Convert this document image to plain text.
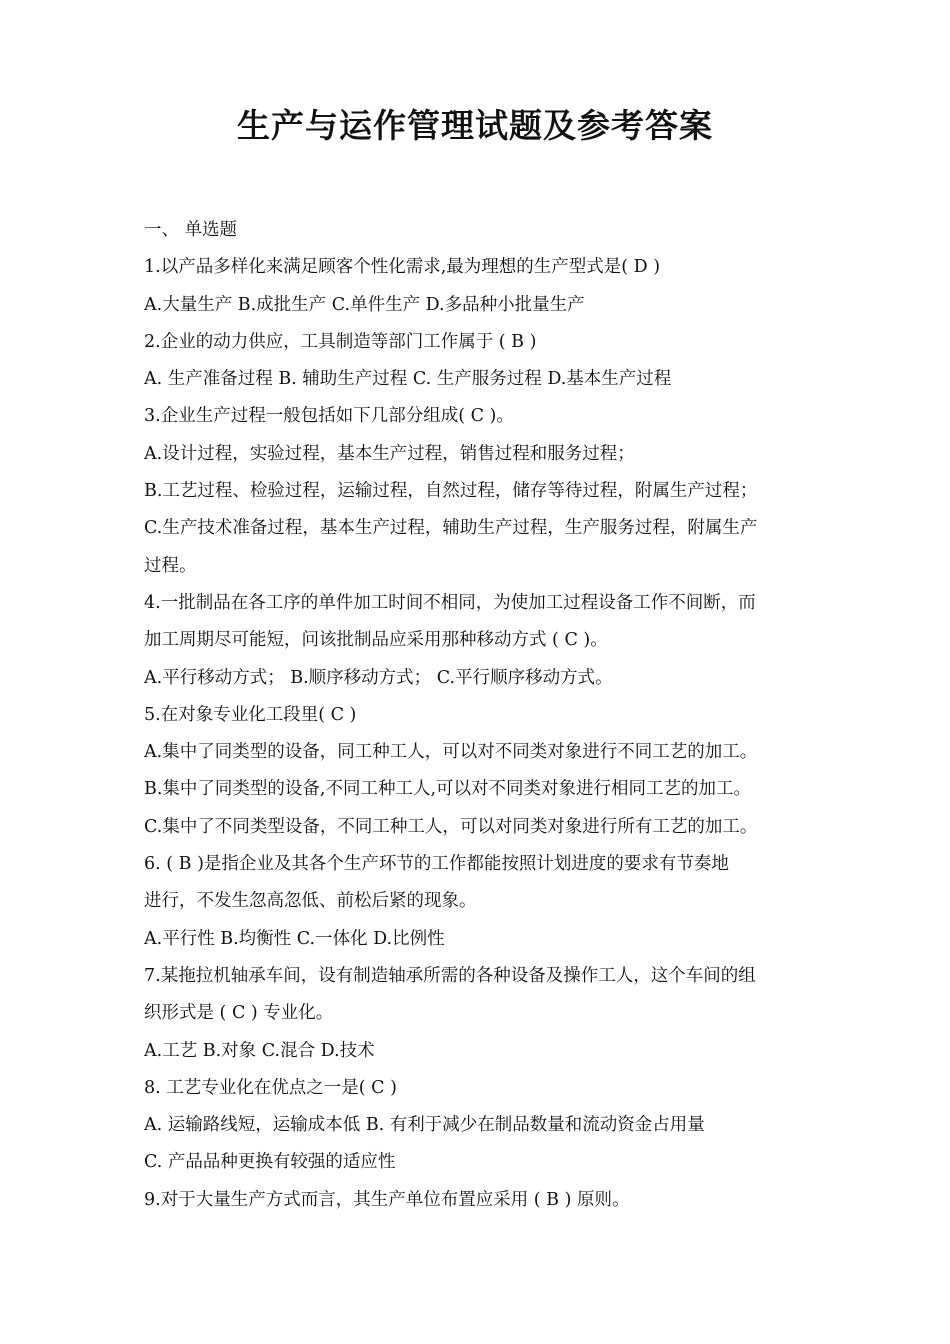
生产与运作管理试题及参考答案
一、 单选题
1.以产品多样化来满足顾客个性化需求,最为理想的生产型式是( D )
A.大量生产 B.成批生产 C.单件生产 D.多品种小批量生产
2.企业的动力供应，工具制造等部门工作属于 ( B )
A. 生产准备过程 B. 辅助生产过程 C. 生产服务过程 D.基本生产过程
3.企业生产过程一般包括如下几部分组成( C )。
A.设计过程，实验过程，基本生产过程，销售过程和服务过程；
B.工艺过程、检验过程，运输过程，自然过程，储存等待过程，附属生产过程；
C.生产技术准备过程，基本生产过程，辅助生产过程，生产服务过程，附属生产
过程。
4.一批制品在各工序的单件加工时间不相同，为使加工过程设备工作不间断，而
加工周期尽可能短，问该批制品应采用那种移动方式 ( C )。
A.平行移动方式； B.顺序移动方式； C.平行顺序移动方式。
5.在对象专业化工段里( C )
A.集中了同类型的设备，同工种工人，可以对不同类对象进行不同工艺的加工。
B.集中了同类型的设备,不同工种工人,可以对不同类对象进行相同工艺的加工。
C.集中了不同类型设备，不同工种工人，可以对同类对象进行所有工艺的加工。
6. ( B )是指企业及其各个生产环节的工作都能按照计划进度的要求有节奏地
进行，不发生忽高忽低、前松后紧的现象。
A.平行性 B.均衡性 C.一体化 D.比例性
7.某拖拉机轴承车间，设有制造轴承所需的各种设备及操作工人，这个车间的组
织形式是 ( C ) 专业化。
A.工艺 B.对象 C.混合 D.技术
8. 工艺专业化在优点之一是( C )
A. 运输路线短，运输成本低 B. 有利于减少在制品数量和流动资金占用量
C. 产品品种更换有较强的适应性
9.对于大量生产方式而言，其生产单位布置应采用 ( B ) 原则。
